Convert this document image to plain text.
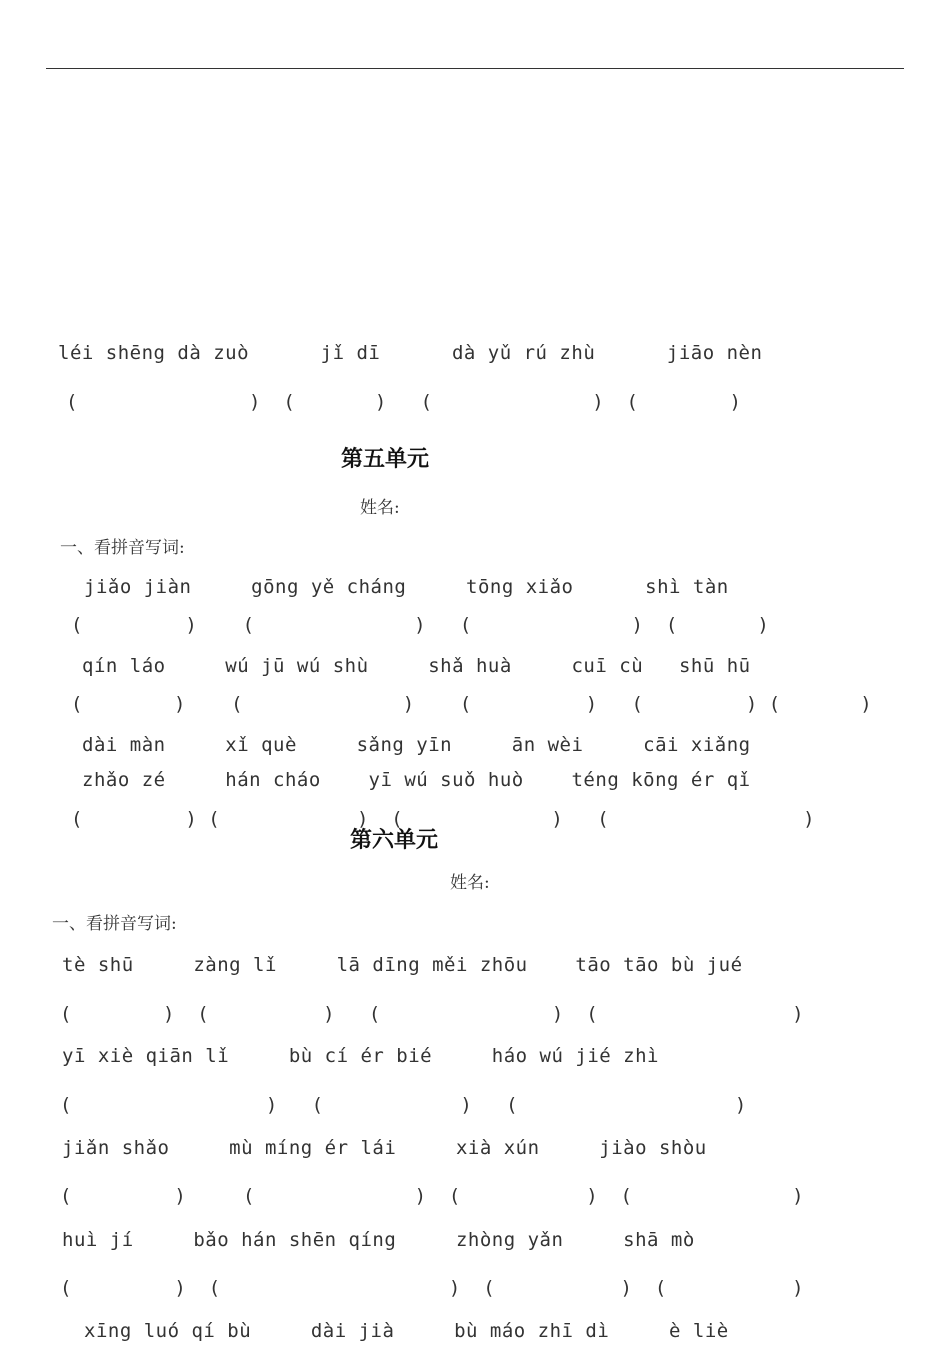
léi shēng dà zuò      jǐ dī      dà yǔ rú zhù      jiāo nèn
(               )  (       )   (              )  (        )
第五单元
姓名:
一、看拼音写词:
jiǎo jiàn     gōng yě cháng     tōng xiǎo      shì tàn
(         )    (              )   (              )  (       )
qín láo     wú jū wú shù     shǎ huà     cuī cù   shū hū
(        )    (              )    (          )   (         ) (       )
dài màn     xǐ què     sǎng yīn     ān wèi     cāi xiǎng
zhǎo zé     hán cháo    yī wú suǒ huò    téng kōng ér qǐ
(         ) (            )  (             )   (                 )
第六单元
姓名:
一、看拼音写词:
tè shū     zàng lǐ     lā dīng měi zhōu    tāo tāo bù jué
(        )  (          )   (               )  (                 )
yī xiè qiān lǐ     bù cí ér bié     háo wú jié zhì
(                 )   (            )   (                   )
jiǎn shǎo     mù míng ér lái     xià xún     jiào shòu
(         )     (              )  (           )  (              )
huì jí     bǎo hán shēn qíng     zhòng yǎn     shā mò
(         )  (                    )  (           )  (           )
xīng luó qí bù     dài jià     bù máo zhī dì     è liè
